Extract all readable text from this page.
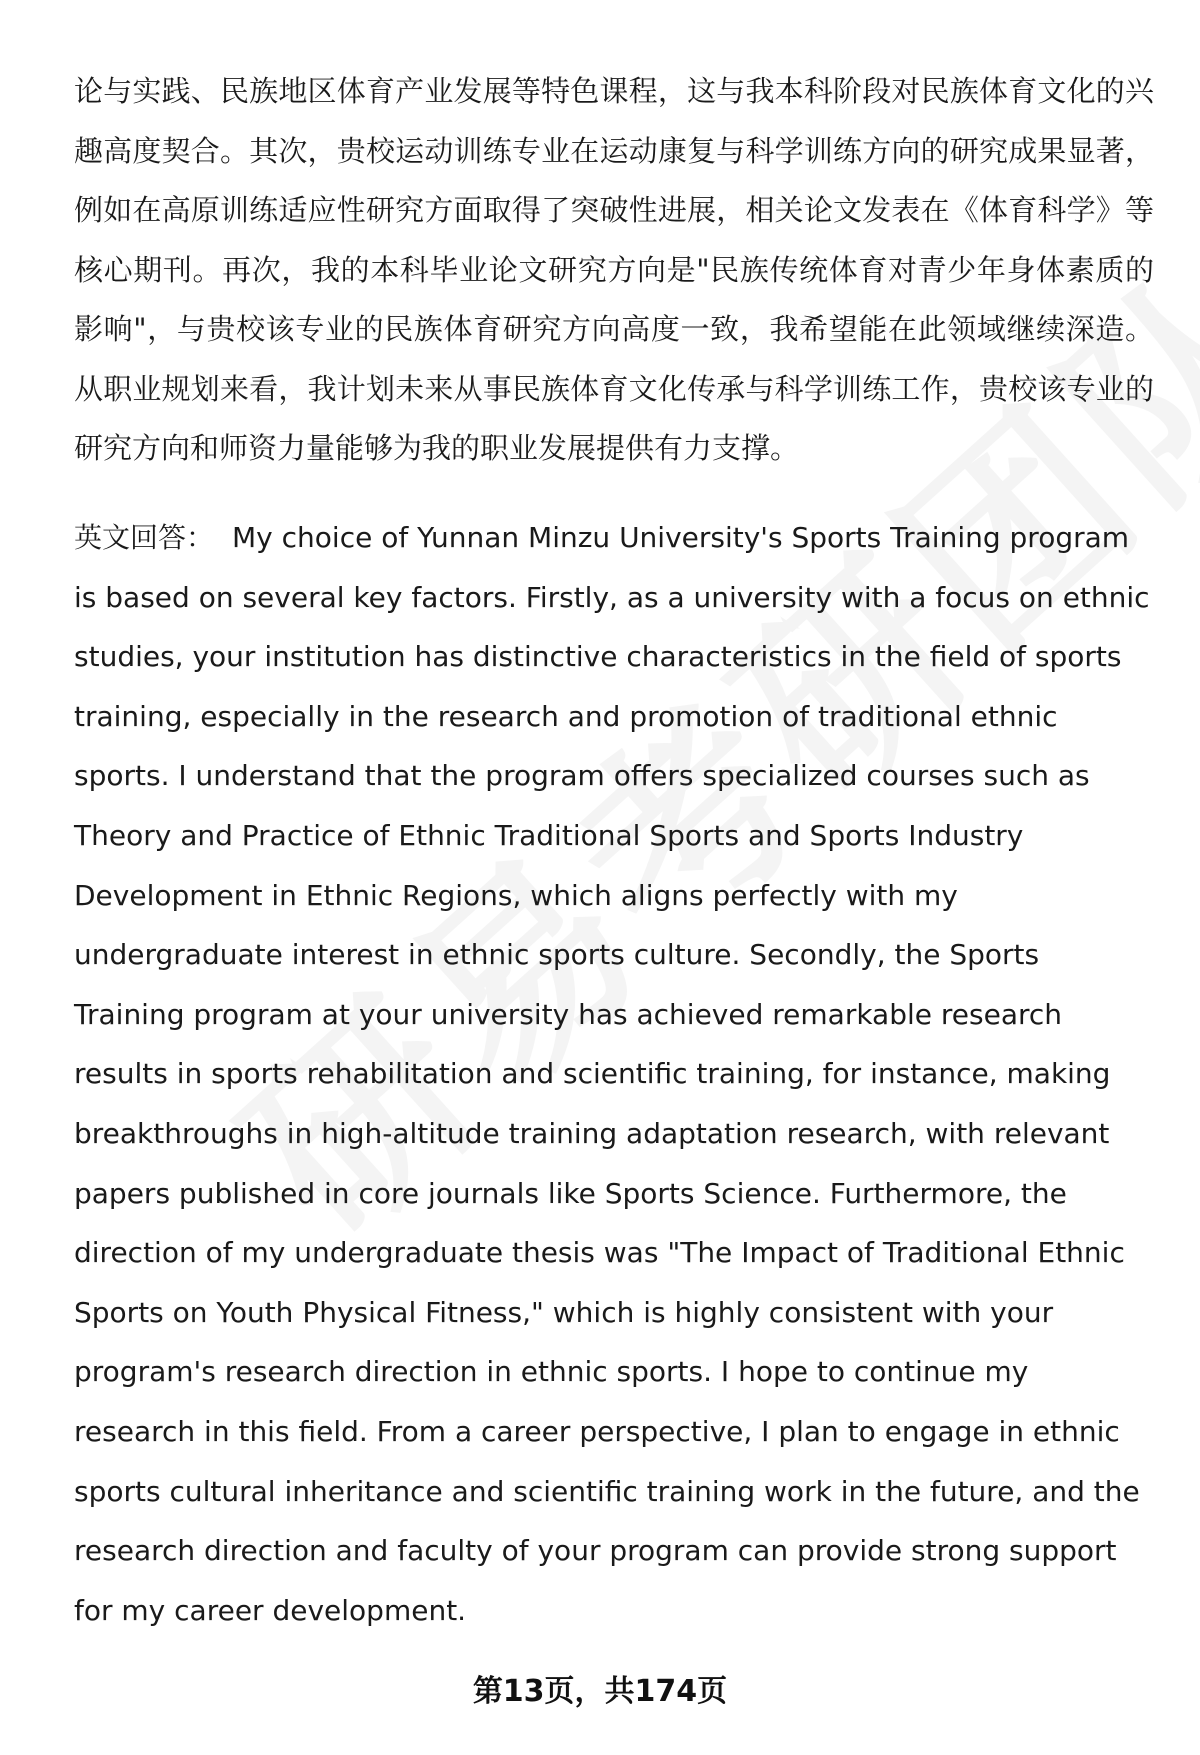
论与实践、民族地区体育产业发展等特色课程，这与我本科阶段对民族体育文化的兴趣高度契合。其次，贵校运动训练专业在运动康复与科学训练方向的研究成果显著，例如在高原训练适应性研究方面取得了突破性进展，相关论文发表在《体育科学》等核心期刊。再次，我的本科毕业论文研究方向是"民族传统体育对青少年身体素质的影响"，与贵校该专业的民族体育研究方向高度一致，我希望能在此领域继续深造。从职业规划来看，我计划未来从事民族体育文化传承与科学训练工作，贵校该专业的研究方向和师资力量能够为我的职业发展提供有力支撑。

英文回答： My choice of Yunnan Minzu University's Sports Training program is based on several key factors. Firstly, as a university with a focus on ethnic studies, your institution has distinctive characteristics in the field of sports training, especially in the research and promotion of traditional ethnic sports. I understand that the program offers specialized courses such as Theory and Practice of Ethnic Traditional Sports and Sports Industry Development in Ethnic Regions, which aligns perfectly with my undergraduate interest in ethnic sports culture. Secondly, the Sports Training program at your university has achieved remarkable research results in sports rehabilitation and scientific training, for instance, making breakthroughs in high-altitude training adaptation research, with relevant papers published in core journals like Sports Science. Furthermore, the direction of my undergraduate thesis was "The Impact of Traditional Ethnic Sports on Youth Physical Fitness," which is highly consistent with your program's research direction in ethnic sports. I hope to continue my research in this field. From a career perspective, I plan to engage in ethnic sports cultural inheritance and scientific training work in the future, and the research direction and faculty of your program can provide strong support for my career development.

第13页，共174页
